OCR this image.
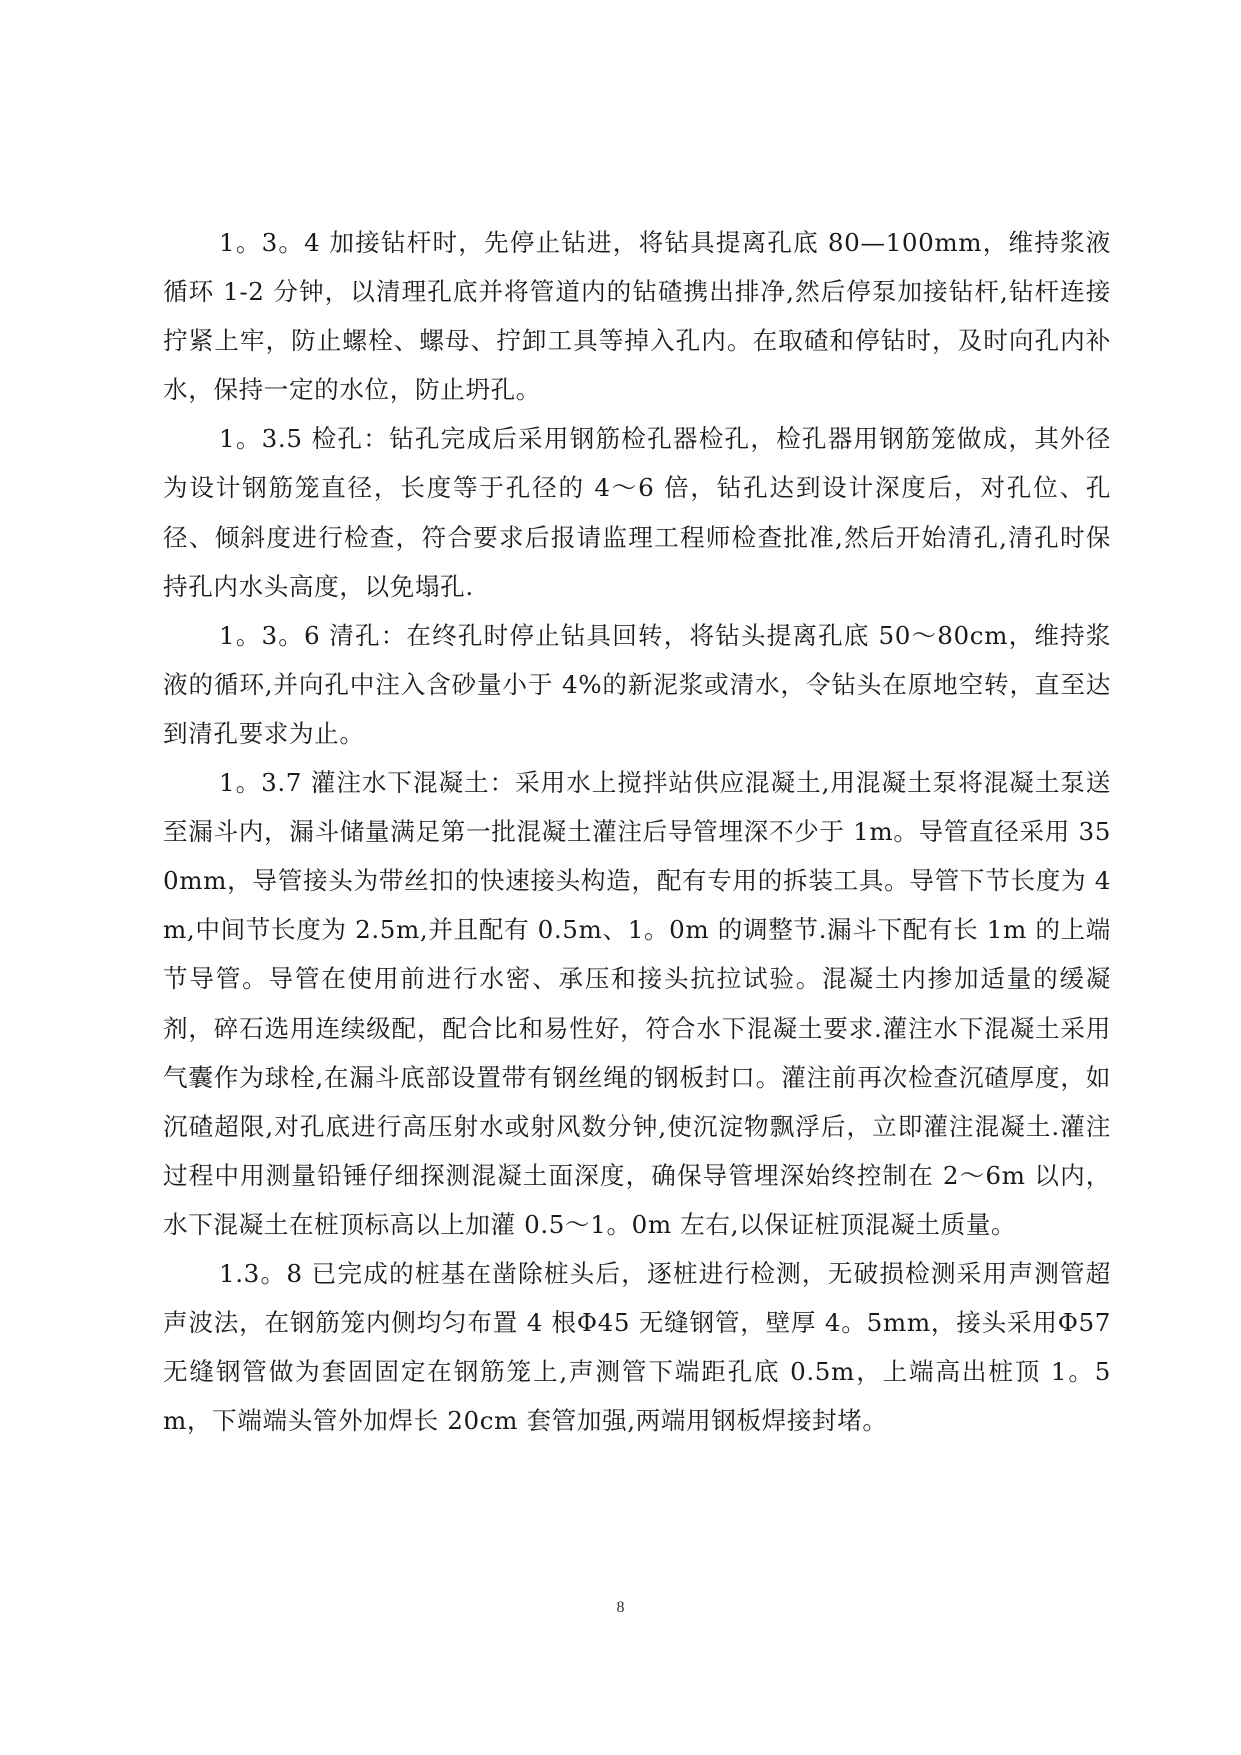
1。3。4 加接钻杆时，先停止钻进，将钻具提离孔底 80—100mm，维持浆液循环 1-2 分钟，以清理孔底并将管道内的钻碴携出排净,然后停泵加接钻杆,钻杆连接拧紧上牢，防止螺栓、螺母、拧卸工具等掉入孔内。在取碴和停钻时，及时向孔内补水，保持一定的水位，防止坍孔。

1。3.5 检孔：钻孔完成后采用钢筋检孔器检孔，检孔器用钢筋笼做成，其外径为设计钢筋笼直径，长度等于孔径的 4～6 倍，钻孔达到设计深度后，对孔位、孔径、倾斜度进行检查，符合要求后报请监理工程师检查批准,然后开始清孔,清孔时保持孔内水头高度，以免塌孔.

1。3。6 清孔：在终孔时停止钻具回转，将钻头提离孔底 50～80cm，维持浆液的循环,并向孔中注入含砂量小于 4%的新泥浆或清水，令钻头在原地空转，直至达到清孔要求为止。

1。3.7 灌注水下混凝土：采用水上搅拌站供应混凝土,用混凝土泵将混凝土泵送至漏斗内，漏斗储量满足第一批混凝土灌注后导管埋深不少于 1m。导管直径采用 350mm，导管接头为带丝扣的快速接头构造，配有专用的拆装工具。导管下节长度为 4m,中间节长度为 2.5m,并且配有 0.5m、1。0m 的调整节.漏斗下配有长 1m 的上端节导管。导管在使用前进行水密、承压和接头抗拉试验。混凝土内掺加适量的缓凝剂，碎石选用连续级配，配合比和易性好，符合水下混凝土要求.灌注水下混凝土采用气囊作为球栓,在漏斗底部设置带有钢丝绳的钢板封口。灌注前再次检查沉碴厚度，如沉碴超限,对孔底进行高压射水或射风数分钟,使沉淀物飘浮后，立即灌注混凝土.灌注过程中用测量铅锤仔细探测混凝土面深度，确保导管埋深始终控制在 2～6m 以内，水下混凝土在桩顶标高以上加灌 0.5～1。0m 左右,以保证桩顶混凝土质量。

1.3。8 已完成的桩基在凿除桩头后，逐桩进行检测，无破损检测采用声测管超声波法，在钢筋笼内侧均匀布置 4 根Φ45 无缝钢管，壁厚 4。5mm，接头采用Φ57 无缝钢管做为套固固定在钢筋笼上,声测管下端距孔底 0.5m，上端高出桩顶 1。5m，下端端头管外加焊长 20cm 套管加强,两端用钢板焊接封堵。

8
